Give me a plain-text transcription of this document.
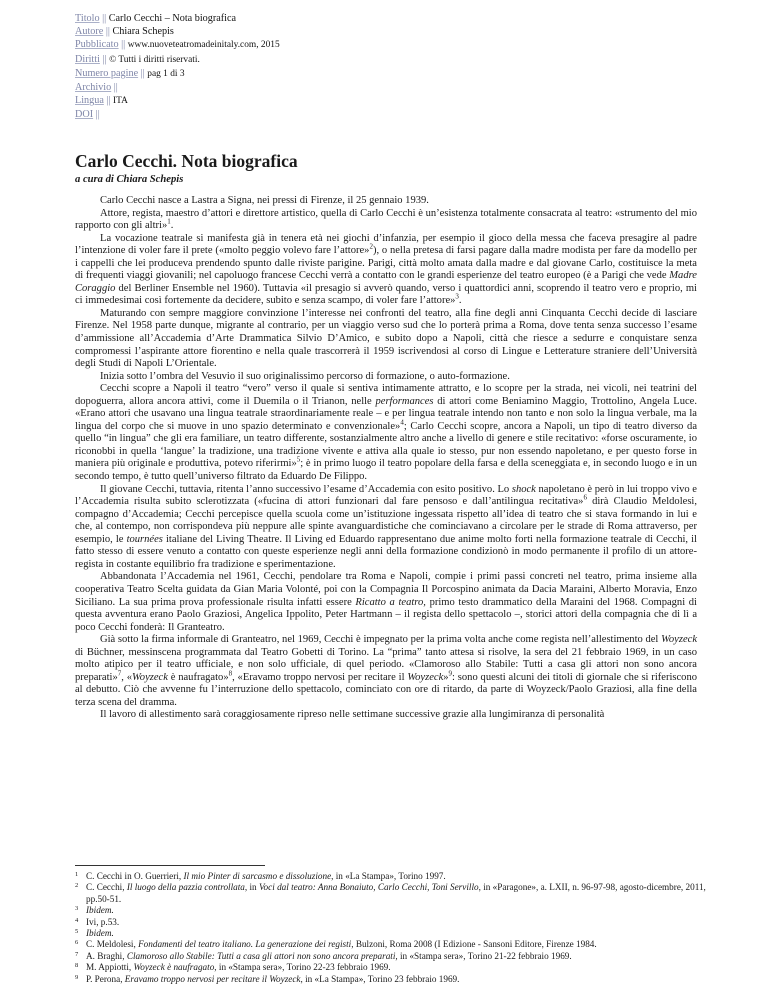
Titolo || Carlo Cecchi – Nota biografica
Autore || Chiara Schepis
Pubblicato || www.nuoveteatromadeinitaly.com, 2015
Diritti || © Tutti i diritti riservati.
Numero pagine || pag 1 di 3
Archivio ||
Lingua || ITA
DOI ||
Carlo Cecchi. Nota biografica
a cura di Chiara Schepis

Carlo Cecchi nasce a Lastra a Signa, nei pressi di Firenze, il 25 gennaio 1939.

Attore, regista, maestro d’attori e direttore artistico, quella di Carlo Cecchi è un’esistenza totalmente consacrata al teatro: «strumento del mio rapporto con gli altri»$^1$.

La vocazione teatrale si manifesta già in tenera età nei giochi d’infanzia, per esempio il gioco della messa che faceva presagire al padre l’intenzione di voler fare il prete («molto peggio volevo fare l’attore»$^2$), o nella pretesa di farsi pagare dalla madre modista per fare da modello per i cappelli che lei produceva prendendo spunto dalle riviste parigine. Parigi, città molto amata dalla madre e dal giovane Carlo, costituisce la meta di frequenti viaggi giovanili; nel capoluogo francese Cecchi verrà a contatto con le grandi esperienze del teatro europeo (è a Parigi che vede Madre Coraggio del Berliner Ensemble nel 1960). Tuttavia «il presagio si avverò quando, verso i quattordici anni, scoprendo il teatro vero e proprio, mi ci immedesimai così fortemente da decidere, subito e senza scampo, di voler fare l’attore»$^3$.

Maturando con sempre maggiore convinzione l’interesse nei confronti del teatro, alla fine degli anni Cinquanta Cecchi decide di lasciare Firenze. Nel 1958 parte dunque, migrante al contrario, per un viaggio verso sud che lo porterà prima a Roma, dove tenta senza successo l’esame d’ammissione all’Accademia d’Arte Drammatica Silvio D’Amico, e subito dopo a Napoli, città che riesce a sedurre e conquistare senza compromessi l’aspirante attore fiorentino e nella quale trascorrerà il 1959 iscrivendosi al corso di Lingue e Letterature straniere dell’Università degli Studi di Napoli L’Orientale.

Inizia sotto l’ombra del Vesuvio il suo originalissimo percorso di formazione, o auto-formazione.

Cecchi scopre a Napoli il teatro “vero” verso il quale si sentiva intimamente attratto, e lo scopre per la strada, nei vicoli, nei teatrini del dopoguerra, allora ancora attivi, come il Duemila o il Trianon, nelle performances di attori come Beniamino Maggio, Trottolino, Angela Luce. «Erano attori che usavano una lingua teatrale straordinariamente reale – e per lingua teatrale intendo non tanto e non solo la lingua verbale, ma la lingua del corpo che si muove in uno spazio determinato e convenzionale»$^4$; Carlo Cecchi scopre, ancora a Napoli, un tipo di teatro diverso da quello “in lingua” che gli era familiare, un teatro differente, sostanzialmente altro anche a livello di genere e stile recitativo: «forse oscuramente, io riconobbi in quella ‘langue’ la tradizione, una tradizione vivente e attiva alla quale io stesso, pur non essendo napoletano, e per questo forse in maniera più originale e produttiva, potevo riferirmi»$^5$; è in primo luogo il teatro popolare della farsa e della sceneggiata e, in secondo luogo e in un secondo tempo, è tutto quell’universo filtrato da Eduardo De Filippo.

Il giovane Cecchi, tuttavia, ritenta l’anno successivo l’esame d’Accademia con esito positivo. Lo shock napoletano è però in lui troppo vivo e l’Accademia risulta subito sclerotizzata («fucina di attori funzionari dal fare pensoso e dall’antilingua recitativa»$^6$ dirà Claudio Meldolesi, compagno d’Accademia; Cecchi percepisce quella scuola come un’istituzione ingessata rispetto all’idea di teatro che si stava formando in lui e che, al contempo, non corrispondeva più neppure alle spinte avanguardistiche che cominciavano a circolare per le strade di Roma attraverso, per esempio, le tournées italiane del Living Theatre. Il Living ed Eduardo rappresentano due anime molto forti nella formazione teatrale di Cecchi, il fatto stesso di essere venuto a contatto con queste esperienze negli anni della formazione condizionò in modo permanente il profilo di un attore-regista in costante equilibrio fra tradizione e sperimentazione.

Abbandonata l’Accademia nel 1961, Cecchi, pendolare tra Roma e Napoli, compie i primi passi concreti nel teatro, prima insieme alla cooperativa Teatro Scelta guidata da Gian Maria Volonté, poi con la Compagnia Il Porcospino animata da Dacia Maraini, Alberto Moravia, Enzo Siciliano. La sua prima prova professionale risulta infatti essere Ricatto a teatro, primo testo drammatico della Maraini del 1968. Compagni di questa avventura erano Paolo Graziosi, Angelica Ippolito, Peter Hartmann – il regista dello spettacolo –, storici attori della compagnia che di lì a poco Cecchi fonderà: Il Granteatro.

Già sotto la firma informale di Granteatro, nel 1969, Cecchi è impegnato per la prima volta anche come regista nell’allestimento del Woyzeck di Büchner, messinscena programmata dal Teatro Gobetti di Torino. La “prima” tanto attesa si risolve, la sera del 21 febbraio 1969, in un caso molto atipico per il teatro ufficiale, e non solo ufficiale, di quel periodo. «Clamoroso allo Stabile: Tutti a casa gli attori non sono ancora preparati»$^7$, «Woyzeck è naufragato»$^8$, «Eravamo troppo nervosi per recitare il Woyzeck»$^9$: sono questi alcuni dei titoli di giornale che si riferiscono al debutto. Ciò che avvenne fu l’interruzione dello spettacolo, cominciato con ore di ritardo, da parte di Woyzeck/Paolo Graziosi, alla fine della terza scena del dramma.

Il lavoro di allestimento sarà coraggiosamente ripreso nelle settimane successive grazie alla lungimiranza di personalità

1 C. Cecchi in O. Guerrieri, Il mio Pinter di sarcasmo e dissoluzione, in «La Stampa», Torino 1997.
2 C. Cecchi, Il luogo della pazzia controllata, in Voci dal teatro: Anna Bonaiuto, Carlo Cecchi, Toni Servillo, in «Paragone», a. LXII, n. 96-97-98, agosto-dicembre, 2011, pp.50-51.
3 Ibidem.
4 Ivi, p.53.
5 Ibidem.
6 C. Meldolesi, Fondamenti del teatro italiano. La generazione dei registi, Bulzoni, Roma 2008 (I Edizione - Sansoni Editore, Firenze 1984.
7 A. Braghi, Clamoroso allo Stabile: Tutti a casa gli attori non sono ancora preparati, in «Stampa sera», Torino 21-22 febbraio 1969.
8 M. Appiotti, Woyzeck è naufragato, in «Stampa sera», Torino 22-23 febbraio 1969.
9 P. Perona, Eravamo troppo nervosi per recitare il Woyzeck, in «La Stampa», Torino 23 febbraio 1969.
